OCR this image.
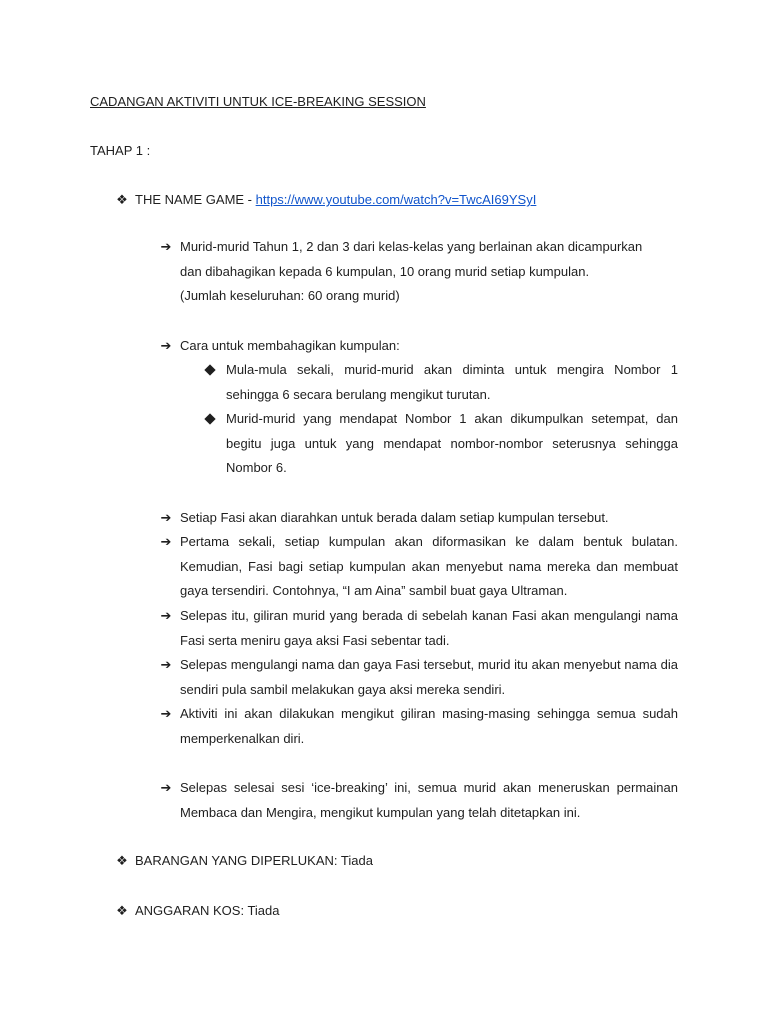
CADANGAN AKTIVITI UNTUK ICE-BREAKING SESSION
TAHAP 1 :
❖ THE NAME GAME - https://www.youtube.com/watch?v=TwcAI69YSyI
➔ Murid-murid Tahun 1, 2 dan 3 dari kelas-kelas yang berlainan akan dicampurkan
dan dibahagikan kepada 6 kumpulan, 10 orang murid setiap kumpulan.
(Jumlah keseluruhan: 60 orang murid)
➔ Cara untuk membahagikan kumpulan:
Mula-mula sekali, murid-murid akan diminta untuk mengira Nombor 1 sehingga 6 secara berulang mengikut turutan.
Murid-murid yang mendapat Nombor 1 akan dikumpulkan setempat, dan begitu juga untuk yang mendapat nombor-nombor seterusnya sehingga Nombor 6.
➔ Setiap Fasi akan diarahkan untuk berada dalam setiap kumpulan tersebut.
➔ Pertama sekali, setiap kumpulan akan diformasikan ke dalam bentuk bulatan. Kemudian, Fasi bagi setiap kumpulan akan menyebut nama mereka dan membuat gaya tersendiri. Contohnya, “I am Aina” sambil buat gaya Ultraman.
➔ Selepas itu, giliran murid yang berada di sebelah kanan Fasi akan mengulangi nama Fasi serta meniru gaya aksi Fasi sebentar tadi.
➔ Selepas mengulangi nama dan gaya Fasi tersebut, murid itu akan menyebut nama dia sendiri pula sambil melakukan gaya aksi mereka sendiri.
➔ Aktiviti ini akan dilakukan mengikut giliran masing-masing sehingga semua sudah memperkenalkan diri.
➔ Selepas selesai sesi ‘ice-breaking’ ini, semua murid akan meneruskan permainan Membaca dan Mengira, mengikut kumpulan yang telah ditetapkan ini.
❖ BARANGAN YANG DIPERLUKAN: Tiada
❖ ANGGARAN KOS: Tiada
